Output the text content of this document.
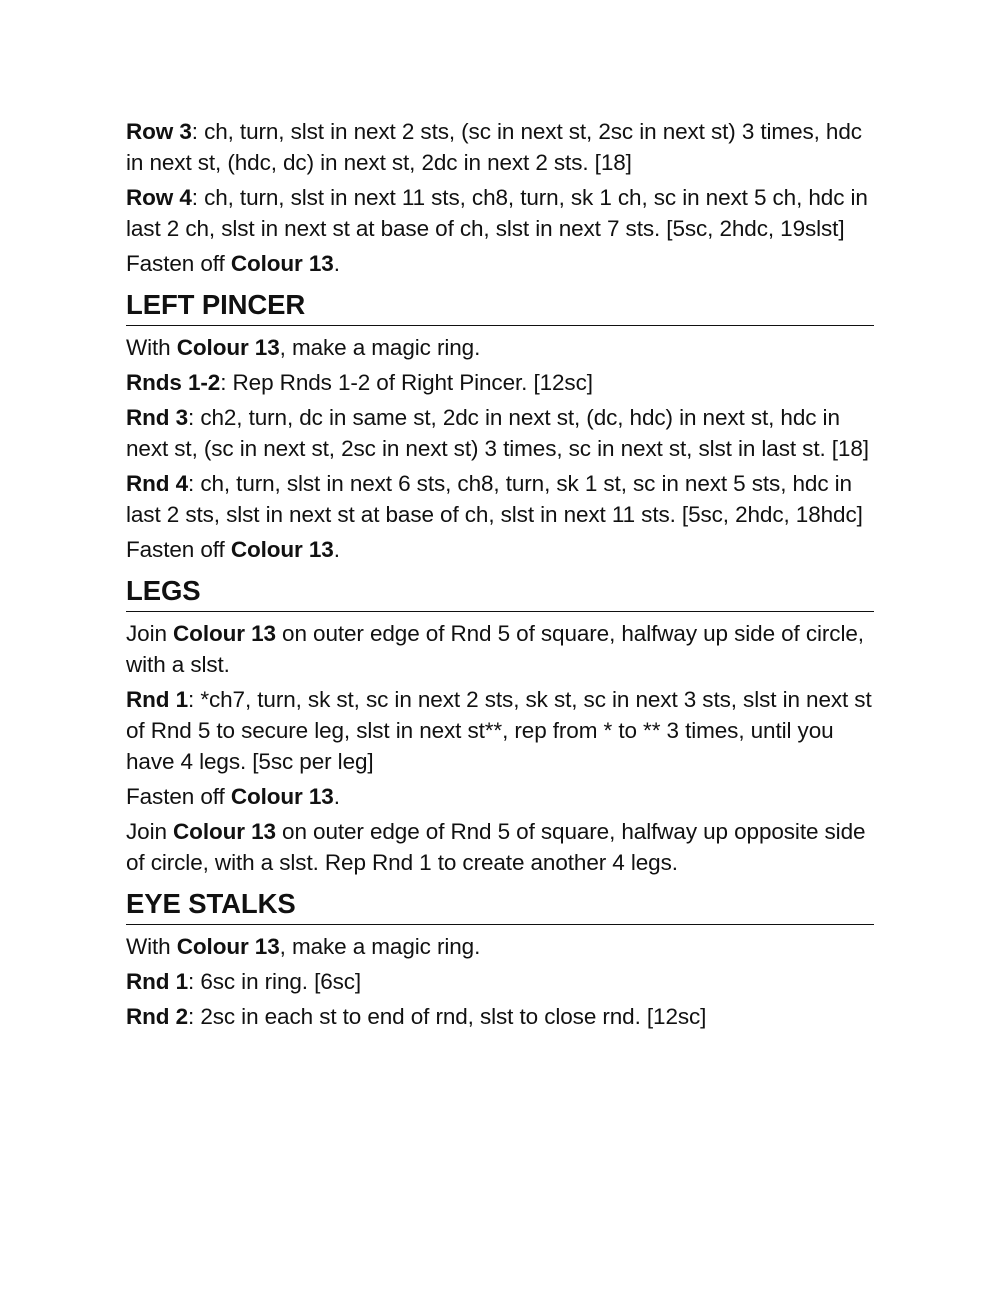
Row 3: ch, turn, slst in next 2 sts, (sc in next st, 2sc in next st) 3 times, hdc in next st, (hdc, dc) in next st, 2dc in next 2 sts. [18]

Row 4: ch, turn, slst in next 11 sts, ch8, turn, sk 1 ch, sc in next 5 ch, hdc in last 2 ch, slst in next st at base of ch, slst in next 7 sts. [5sc, 2hdc, 19slst]

Fasten off Colour 13.

LEFT PINCER

With Colour 13, make a magic ring.

Rnds 1-2: Rep Rnds 1-2 of Right Pincer. [12sc]

Rnd 3: ch2, turn, dc in same st, 2dc in next st, (dc, hdc) in next st, hdc in next st, (sc in next st, 2sc in next st) 3 times, sc in next st, slst in last st. [18]

Rnd 4: ch, turn, slst in next 6 sts, ch8, turn, sk 1 st, sc in next 5 sts, hdc in last 2 sts, slst in next st at base of ch, slst in next 11 sts. [5sc, 2hdc, 18hdc]

Fasten off Colour 13.

LEGS

Join Colour 13 on outer edge of Rnd 5 of square, halfway up side of circle, with a slst.

Rnd 1: *ch7, turn, sk st, sc in next 2 sts, sk st, sc in next 3 sts, slst in next st of Rnd 5 to secure leg, slst in next st**, rep from * to ** 3 times, until you have 4 legs. [5sc per leg]

Fasten off Colour 13.

Join Colour 13 on outer edge of Rnd 5 of square, halfway up opposite side of circle, with a slst. Rep Rnd 1 to create another 4 legs.

EYE STALKS

With Colour 13, make a magic ring.

Rnd 1: 6sc in ring. [6sc]

Rnd 2: 2sc in each st to end of rnd, slst to close rnd. [12sc]
